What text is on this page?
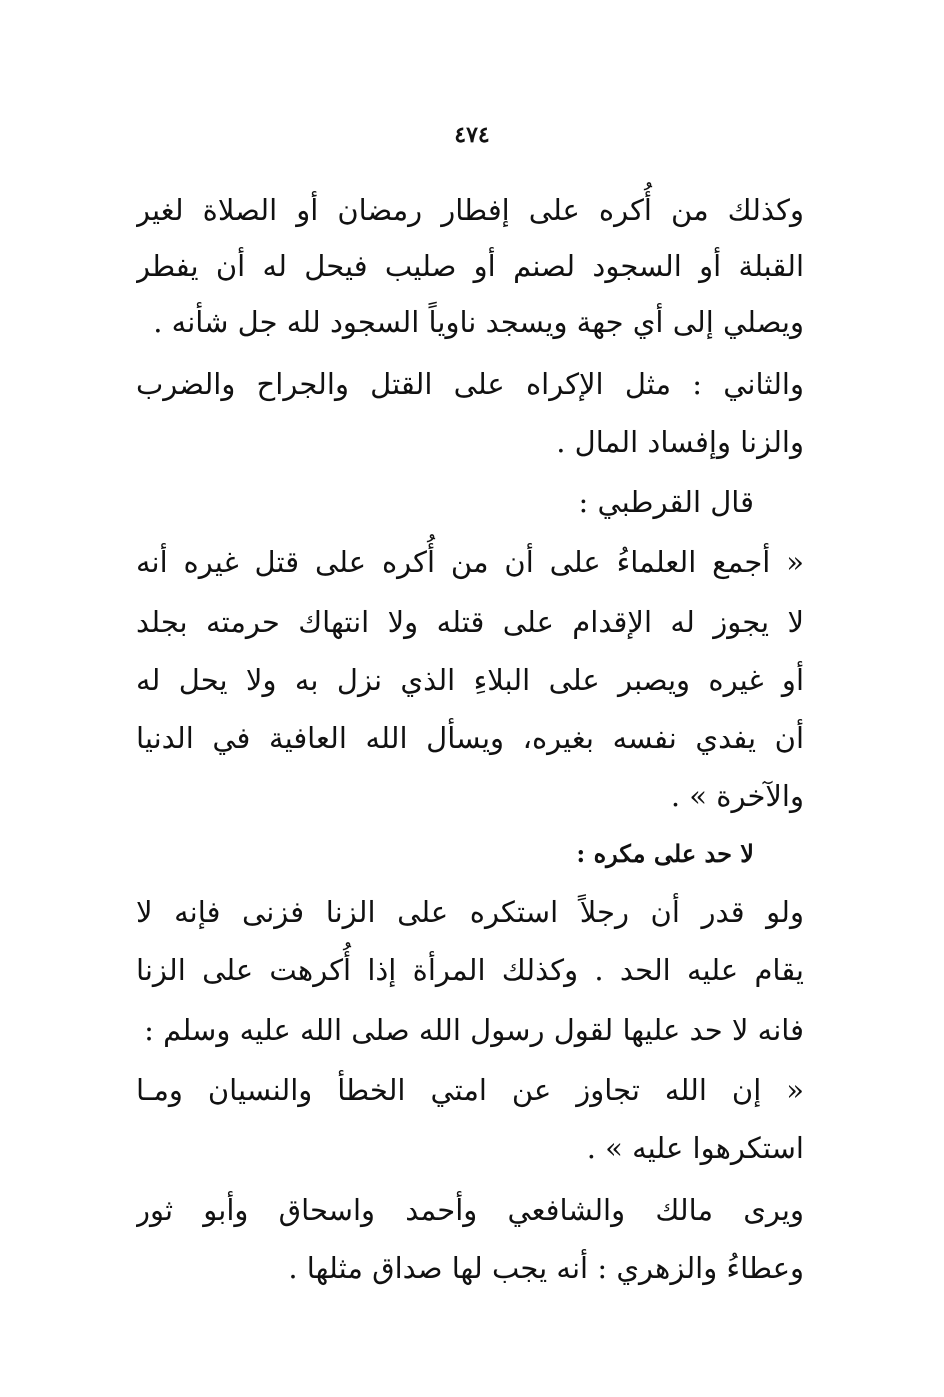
٤٧٤
وكذلك من أُكره على إفطار رمضان أو الصلاة لغير
القبلة أو السجود لصنم أو صليب فيحل له أن يفطر
ويصلي إلى أي جهة ويسجد ناوياً السجود لله جل شأنه .
والثاني : مثل الإكراه على القتل والجراح والضرب
والزنا وإفساد المال .
قال القرطبي :
« أجمع العلماءُ على أن من أُكره على قتل غيره أنه
لا يجوز له الإقدام على قتله ولا انتهاك حرمته بجلد
أو غيره ويصبر على البلاءِ الذي نزل به ولا يحل له
أن يفدي نفسه بغيره، ويسأل الله العافية في الدنيا
والآخرة » .
لا حد على مكره :
ولو قدر أن رجلاً استكره على الزنا فزنى فإنه لا
يقام عليه الحد . وكذلك المرأة إذا أُكرهت على الزنا
فانه لا حد عليها لقول رسول الله صلى الله عليه وسلم :
« إن الله تجاوز عن امتي الخطأ والنسيان ومـا
استكرهوا عليه » .
ويرى مالك والشافعي وأحمد واسحاق وأبو ثور
وعطاءُ والزهري : أنه يجب لها صداق مثلها .
